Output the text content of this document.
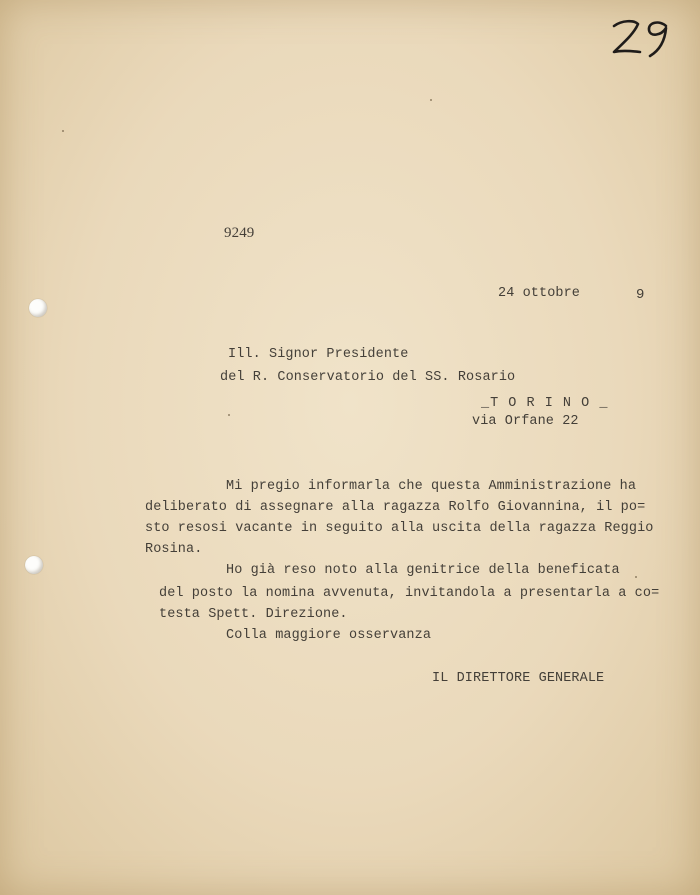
9249
24 ottobre	9
Ill. Signor Presidente
del R. Conservatorio del SS. Rosario
_T O R I N O _
via Orfane 22
Mi pregio informarla che questa Amministrazione ha
deliberato di assegnare alla ragazza Rolfo Giovannina, il po=
sto resosi vacante in seguito alla uscita della ragazza Reggio
Rosina.
Ho già reso noto alla genitrice della beneficata
del posto la nomina avvenuta, invitandola a presentarla a co=
testa Spett. Direzione.
Colla maggiore osservanza
IL DIRETTORE GENERALE
